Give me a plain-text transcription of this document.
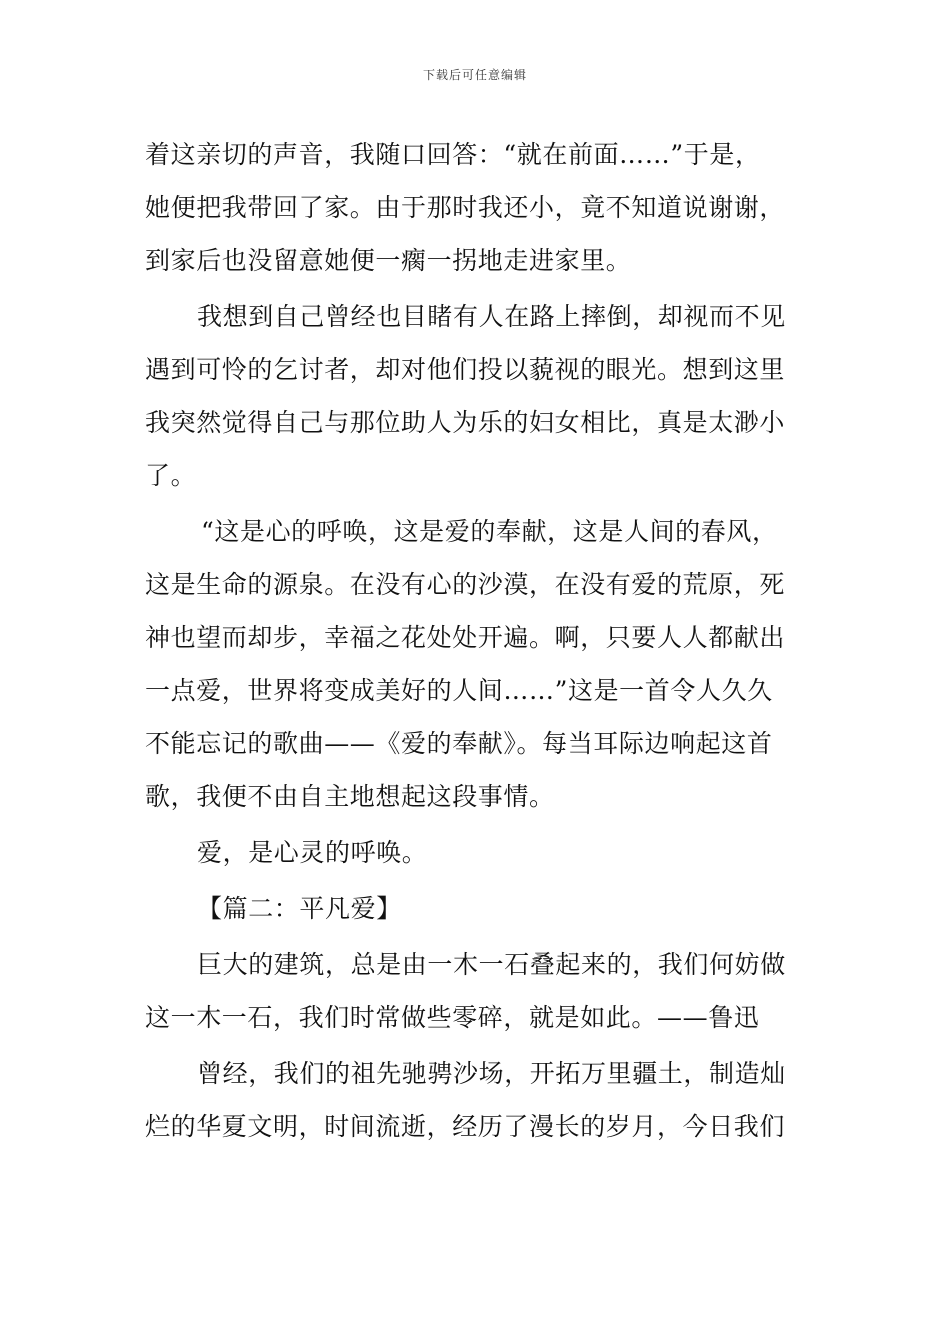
下载后可任意编辑
着这亲切的声音，我随口回答：“就在前面……”于是，
她便把我带回了家。由于那时我还小，竟不知道说谢谢，
到家后也没留意她便一瘸一拐地走进家里。
我想到自己曾经也目睹有人在路上摔倒，却视而不见
遇到可怜的乞讨者，却对他们投以藐视的眼光。想到这里
我突然觉得自己与那位助人为乐的妇女相比，真是太渺小
了。
“这是心的呼唤，这是爱的奉献，这是人间的春风，
这是生命的源泉。在没有心的沙漠，在没有爱的荒原，死
神也望而却步，幸福之花处处开遍。啊，只要人人都献出
一点爱，世界将变成美好的人间……”这是一首令人久久
不能忘记的歌曲——《爱的奉献》。每当耳际边响起这首
歌，我便不由自主地想起这段事情。
爱，是心灵的呼唤。
【篇二：平凡爱】
巨大的建筑，总是由一木一石叠起来的，我们何妨做
这一木一石，我们时常做些零碎，就是如此。——鲁迅
曾经，我们的祖先驰骋沙场，开拓万里疆土，制造灿
烂的华夏文明，时间流逝，经历了漫长的岁月，今日我们
